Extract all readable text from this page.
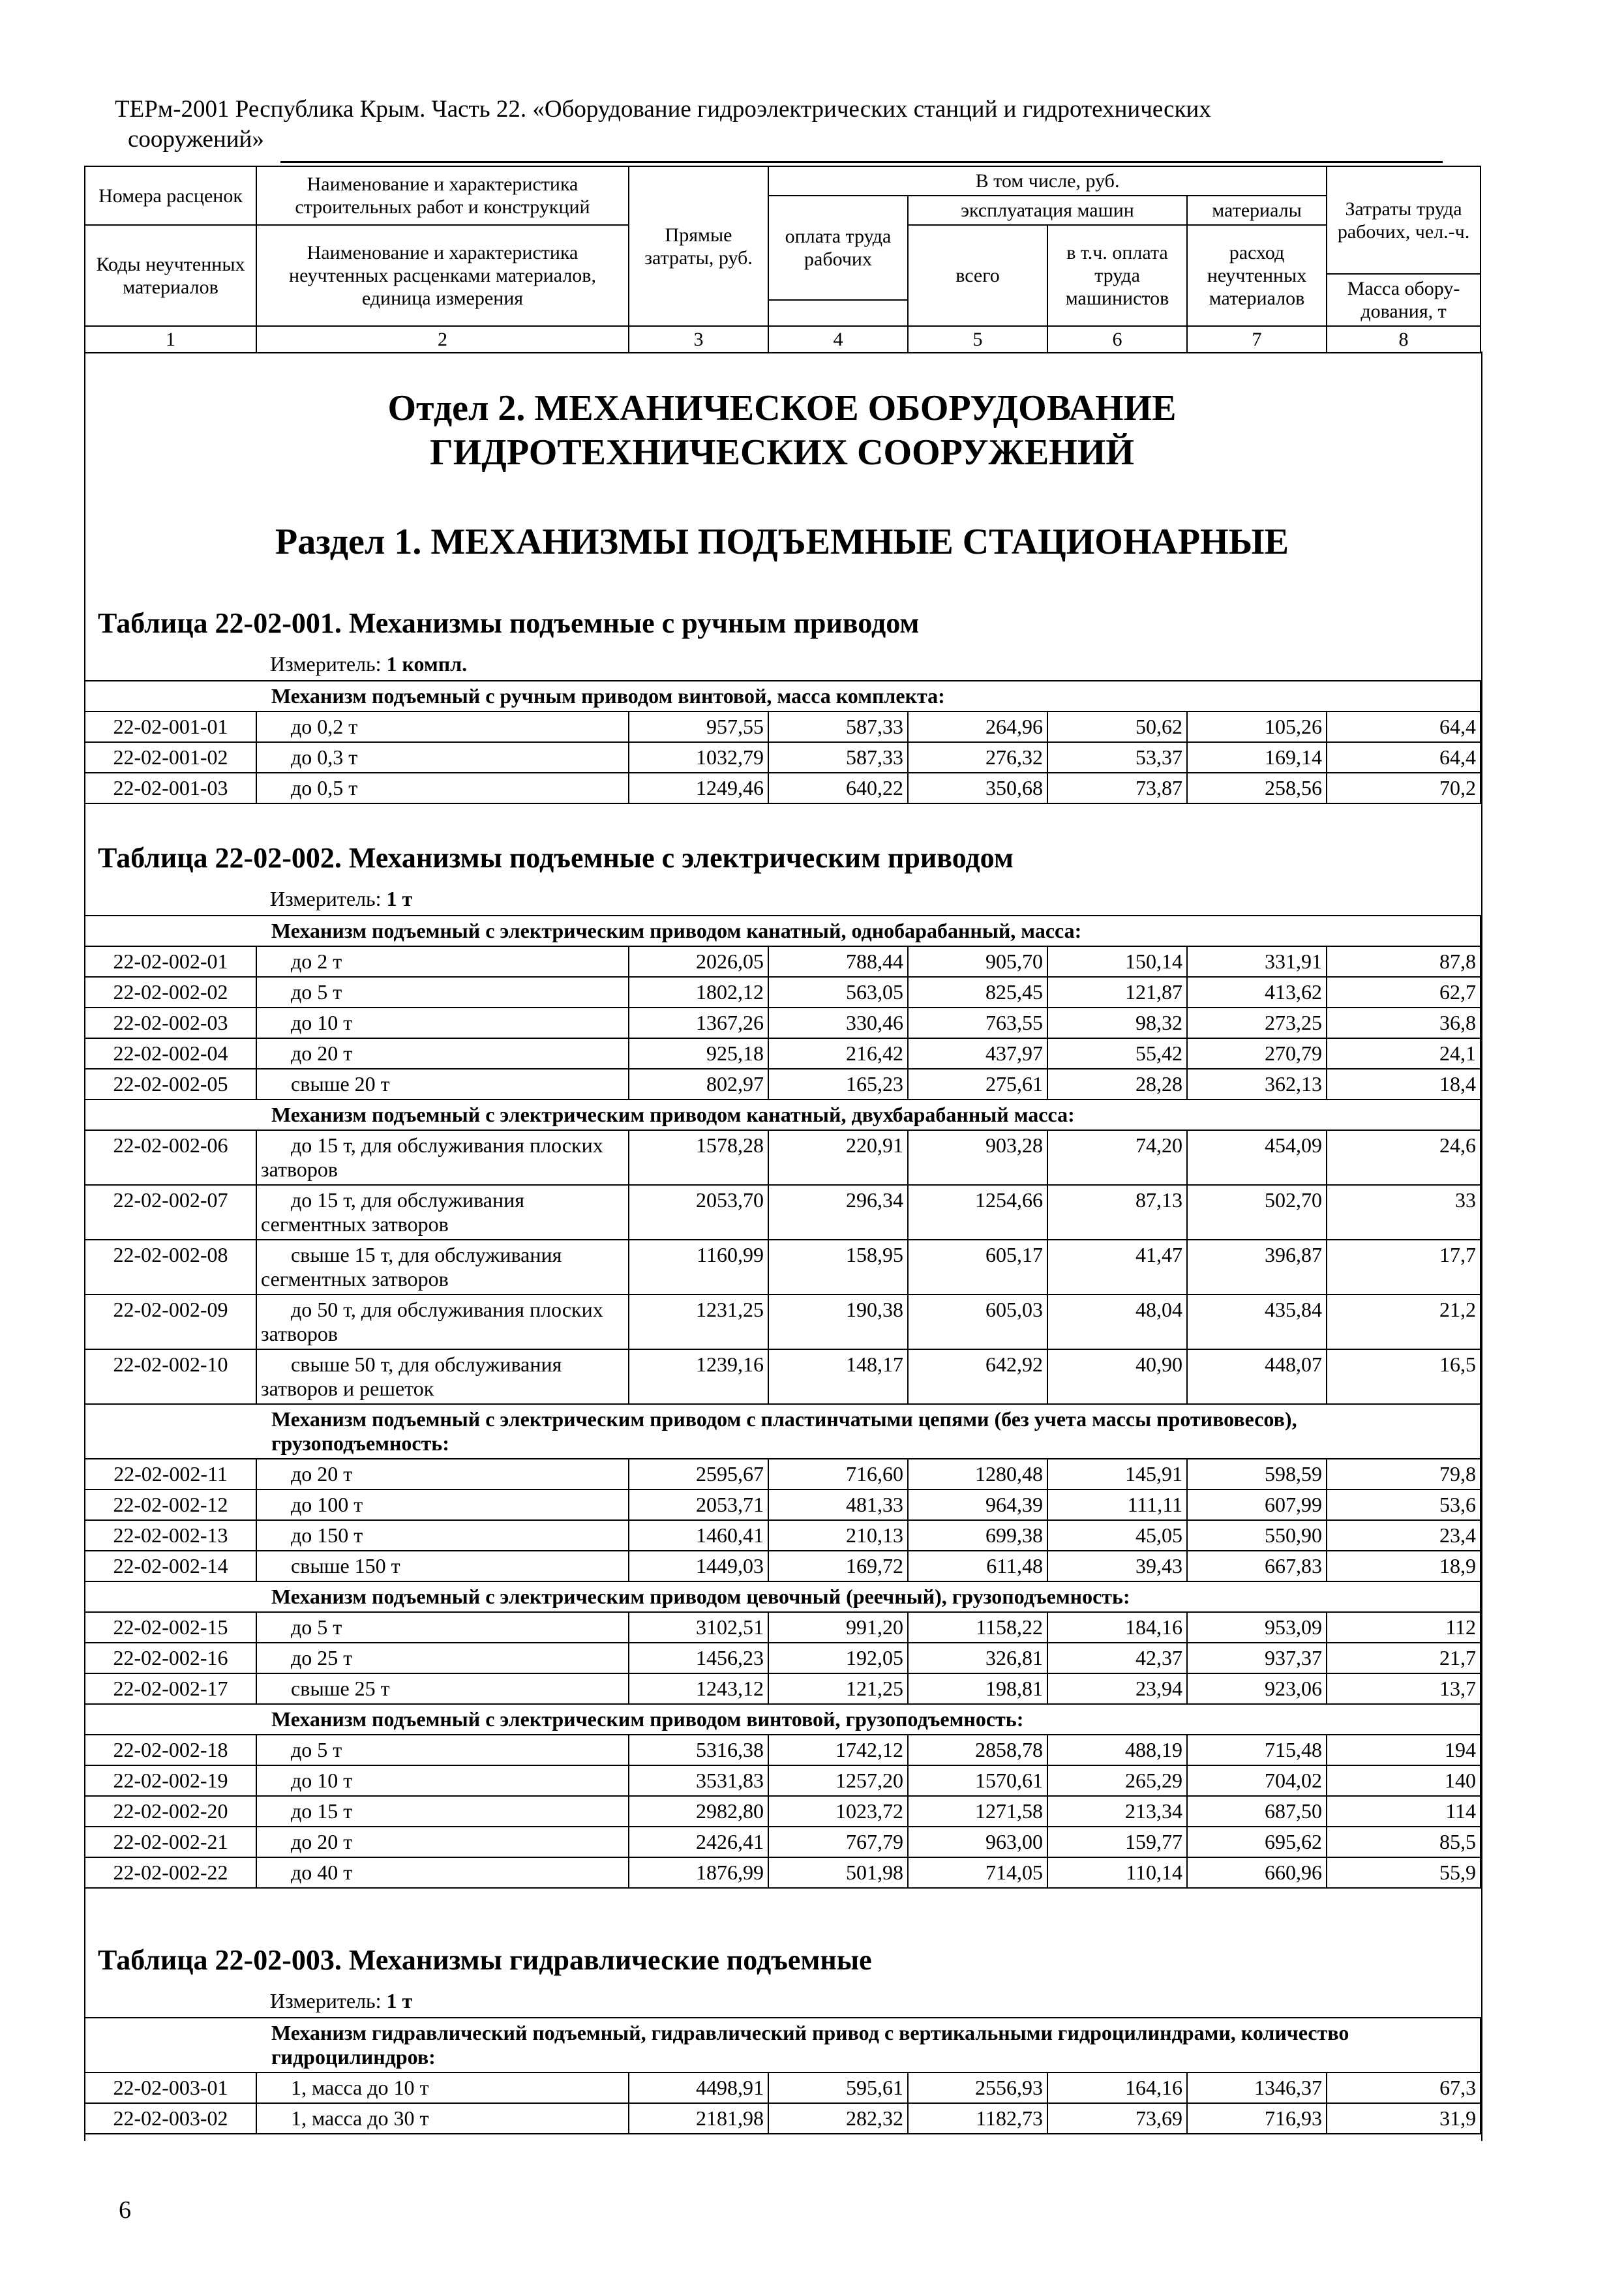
ТЕРм-2001 Республика Крым. Часть 22. «Оборудование гидроэлектрических станций и гидротехнических
сооружений»
Номера расценок	Наименование и характеристика строительных работ и конструкций	Прямые затраты, руб.	В том числе, руб.				Затраты труда рабочих, чел.-ч.
			оплата труда рабочих	эксплуатация машин		материалы	
Коды неучтенных материалов	Наименование и характеристика неучтенных расценками материалов, единица измерения			всего	в т.ч. оплата труда машинистов	расход неучтенных материалов	
							Масса обору-дования, т

1	2	3	4	5	6	7	8
Отдел 2. МЕХАНИЧЕСКОЕ ОБОРУДОВАНИЕ ГИДРОТЕХНИЧЕСКИХ СООРУЖЕНИЙ
Раздел 1. МЕХАНИЗМЫ ПОДЪЕМНЫЕ СТАЦИОНАРНЫЕ
Таблица 22-02-001. Механизмы подъемные с ручным приводом
Измеритель: 1 компл.
Механизм подъемный с ручным приводом винтовой, масса комплекта:							
22-02-001-01	до 0,2 т	957,55	587,33	264,96	50,62	105,26	64,4
22-02-001-02	до 0,3 т	1032,79	587,33	276,32	53,37	169,14	64,4
22-02-001-03	до 0,5 т	1249,46	640,22	350,68	73,87	258,56	70,2
Таблица 22-02-002. Механизмы подъемные с электрическим приводом
Измеритель: 1 т
Механизм подъемный с электрическим приводом канатный, однобарабанный, масса:							
22-02-002-01	до 2 т	2026,05	788,44	905,70	150,14	331,91	87,8
22-02-002-02	до 5 т	1802,12	563,05	825,45	121,87	413,62	62,7
22-02-002-03	до 10 т	1367,26	330,46	763,55	98,32	273,25	36,8
22-02-002-04	до 20 т	925,18	216,42	437,97	55,42	270,79	24,1
22-02-002-05	свыше 20 т	802,97	165,23	275,61	28,28	362,13	18,4
Механизм подъемный с электрическим приводом канатный, двухбарабанный масса:							
22-02-002-06	до 15 т, для обслуживания плоских затворов	1578,28	220,91	903,28	74,20	454,09	24,6
22-02-002-07	до 15 т, для обслуживания сегментных затворов	2053,70	296,34	1254,66	87,13	502,70	33
22-02-002-08	свыше 15 т, для обслуживания сегментных затворов	1160,99	158,95	605,17	41,47	396,87	17,7
22-02-002-09	до 50 т, для обслуживания плоских затворов	1231,25	190,38	605,03	48,04	435,84	21,2
22-02-002-10	свыше 50 т, для обслуживания затворов и решеток	1239,16	148,17	642,92	40,90	448,07	16,5
Механизм подъемный с электрическим приводом с пластинчатыми цепями (без учета массы противовесов), грузоподъемность:							
22-02-002-11	до 20 т	2595,67	716,60	1280,48	145,91	598,59	79,8
22-02-002-12	до 100 т	2053,71	481,33	964,39	111,11	607,99	53,6
22-02-002-13	до 150 т	1460,41	210,13	699,38	45,05	550,90	23,4
22-02-002-14	свыше 150 т	1449,03	169,72	611,48	39,43	667,83	18,9
Механизм подъемный с электрическим приводом цевочный (реечный), грузоподъемность:							
22-02-002-15	до 5 т	3102,51	991,20	1158,22	184,16	953,09	112
22-02-002-16	до 25 т	1456,23	192,05	326,81	42,37	937,37	21,7
22-02-002-17	свыше 25 т	1243,12	121,25	198,81	23,94	923,06	13,7
Механизм подъемный с электрическим приводом винтовой, грузоподъемность:							
22-02-002-18	до 5 т	5316,38	1742,12	2858,78	488,19	715,48	194
22-02-002-19	до 10 т	3531,83	1257,20	1570,61	265,29	704,02	140
22-02-002-20	до 15 т	2982,80	1023,72	1271,58	213,34	687,50	114
22-02-002-21	до 20 т	2426,41	767,79	963,00	159,77	695,62	85,5
22-02-002-22	до 40 т	1876,99	501,98	714,05	110,14	660,96	55,9
Таблица 22-02-003. Механизмы гидравлические подъемные
Измеритель: 1 т
Механизм гидравлический подъемный, гидравлический привод с вертикальными гидроцилиндрами, количество гидроцилиндров:							
22-02-003-01	1, масса до 10 т	4498,91	595,61	2556,93	164,16	1346,37	67,3
22-02-003-02	1, масса до 30 т	2181,98	282,32	1182,73	73,69	716,93	31,9
6
